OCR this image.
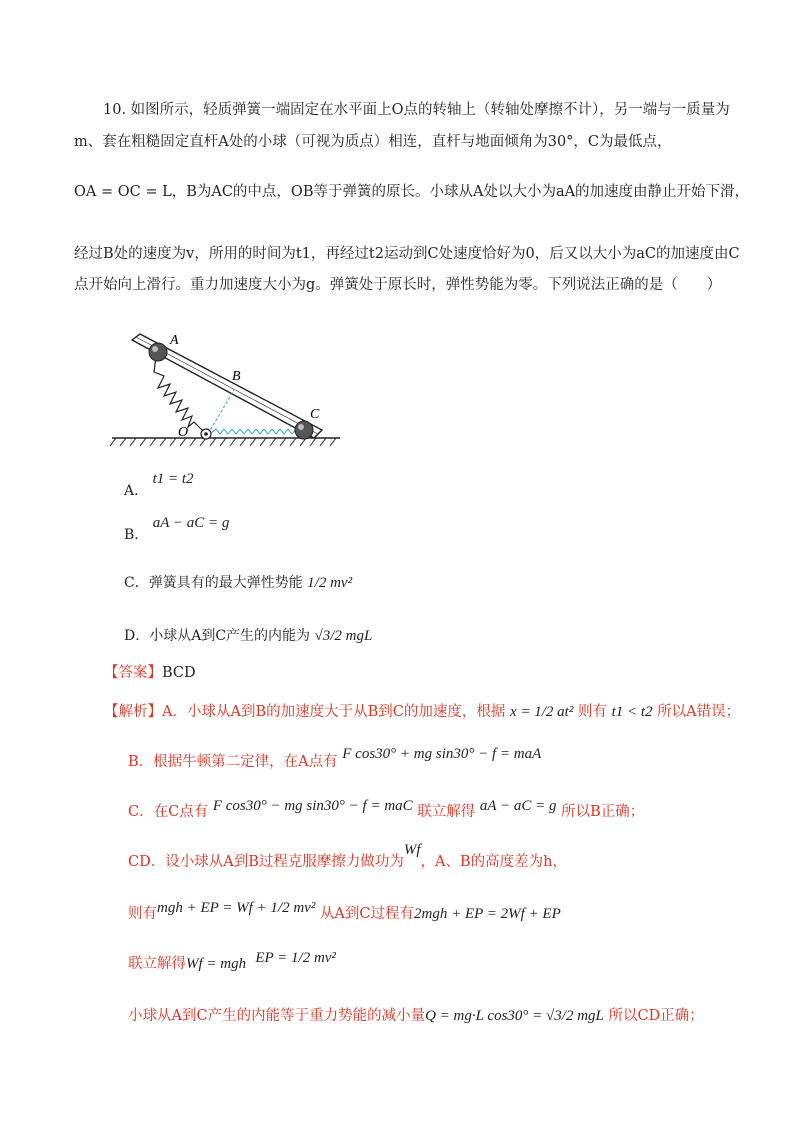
10. 如图所示，轻质弹簧一端固定在水平面上O点的转轴上（转轴处摩擦不计），另一端与一质量为
m、套在粗糙固定直杆A处的小球（可视为质点）相连，直杆与地面倾角为30°，C为最低点，
OA = OC = L，B为AC的中点，OB等于弹簧的原长。小球从A处以大小为aA的加速度由静止开始下滑，
经过B处的速度为v，所用的时间为t1，再经过t2运动到C处速度恰好为0，后又以大小为aC的加速度由C
点开始向上滑行。重力加速度大小为g。弹簧处于原长时，弹性势能为零。下列说法正确的是（　　）
A
B
C
O
A． t1 = t2
B． aA − aC = g
C．弹簧具有的最大弹性势能 1/2 mv²
D．小球从A到C产生的内能为 √3/2 mgL
【答案】BCD
【解析】A．小球从A到B的加速度大于从B到C的加速度，根据 x = 1/2 at² 则有 t1 < t2 所以A错误；
B．根据牛顿第二定律，在A点有 F cos30° + mg sin30° − f = maA
C．在C点有 F cos30° − mg sin30° − f = maC 联立解得 aA − aC = g 所以B正确；
CD．设小球从A到B过程克服摩擦力做功为Wf，A、B的高度差为h，
则有mgh + EP = Wf + 1/2 mv² 从A到C过程有2mgh + EP = 2Wf + EP
联立解得Wf = mgh EP = 1/2 mv²
小球从A到C产生的内能等于重力势能的减小量Q = mg·L cos30° = √3/2 mgL 所以CD正确；
